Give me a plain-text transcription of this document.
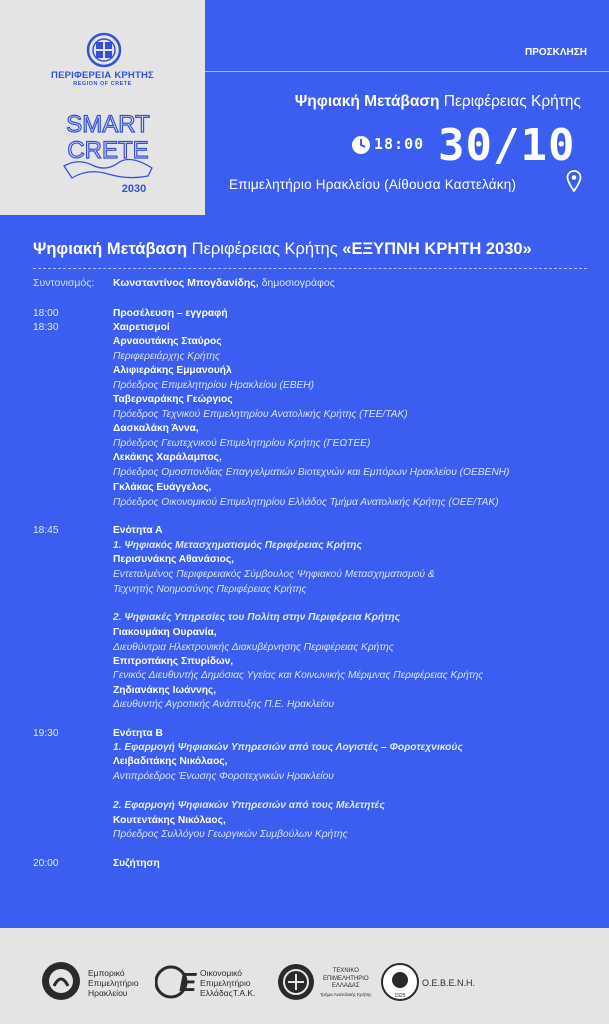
ΠΕΡΙΦΕΡΕΙΑ ΚΡΗΤΗΣ
REGION OF CRETE
SMART
CRETE
2030
ΠΡΟΣΚΛΗΣΗ
Ψηφιακή Μετάβαση Περιφέρειας Κρήτης
18:00 30/10
Επιμελητήριο Ηρακλείου (Αίθουσα Καστελάκη)
Ψηφιακή Μετάβαση Περιφέρειας Κρήτης «ΕΞΥΠΝΗ ΚΡΗΤΗ 2030»
Συντονισμός: Κωνσταντίνος Μπογδανίδης, δημοσιογράφος
18:00	Προσέλευση – εγγραφή
18:30	Χαιρετισμοί
Αρναουτάκης Σταύρος
Περιφερειάρχης Κρήτης
Αλιφιεράκης Εμμανουήλ
Πρόεδρος Επιμελητηρίου Ηρακλείου (ΕΒΕΗ)
Ταβερναράκης Γεώργιος
Πρόεδρος Τεχνικού Επιμελητηρίου Ανατολικής Κρήτης (ΤΕΕ/ΤΑΚ)
Δασκαλάκη Άννα,
Πρόεδρος Γεωτεχνικού Επιμελητηρίου Κρήτης (ΓΕΩΤΕΕ)
Λεκάκης Χαράλαμπος,
Πρόεδρος Ομοσπονδίας Επαγγελματιών Βιοτεχνών και Εμπόρων Ηρακλείου (ΟΕΒΕΝΗ)
Γκλάκας Ευάγγελος,
Πρόεδρος Οικονομικού Επιμελητηρίου Ελλάδος Τμήμα Ανατολικής Κρήτης (ΟΕΕ/ΤΑΚ)
18:45	Ενότητα Α
1. Ψηφιακός Μετασχηματισμός Περιφέρειας Κρήτης
Περισυνάκης Αθανάσιος,
Εντεταλμένος Περιφερειακός Σύμβουλος Ψηφιακού Μετασχηματισμού &
Τεχνητής Νοημοσύνης Περιφέρειας Κρήτης
2. Ψηφιακές Υπηρεσίες του Πολίτη στην Περιφέρεια Κρήτης
Γιακουμάκη Ουρανία,
Διευθύντρια Ηλεκτρονικής Διακυβέρνησης Περιφέρειας Κρήτης
Επιτροπάκης Σπυρίδων,
Γενικός Διευθυντής Δημόσιας Υγείας και Κοινωνικής Μέριμνας Περιφέρειας Κρήτης
Ζηδιανάκης Ιωάννης,
Διευθυντής Αγροτικής Ανάπτυξης Π.Ε. Ηρακλείου
19:30	Ενότητα Β
1. Εφαρμογή Ψηφιακών Υπηρεσιών από τους Λογιστές – Φοροτεχνικούς
Λειβαδιτάκης Νικόλαος,
Αντιπρόεδρος Ένωσης Φοροτεχνικών Ηρακλείου
2. Εφαρμογή Ψηφιακών Υπηρεσιών από τους Μελετητές
Κουτεντάκης Νικόλαος,
Πρόεδρος Συλλόγου Γεωργικών Συμβούλων Κρήτης
20:00	Συζήτηση
Εμπορικό
Επιμελητήριο
Ηρακλείου	E Οικονομικό
Επιμελητήριο
ΕλλάδαςΤ.Α.Κ.
ΤΕΧΝΙΚΟ
ΕΠΙΜΕΛΗΤΗΡΙΟ
ΕΛΛΑΔΑΣ
Τμήμα Ανατολικής Κρήτης	1925
Ο.Ε.Β.Ε.Ν.Η.
